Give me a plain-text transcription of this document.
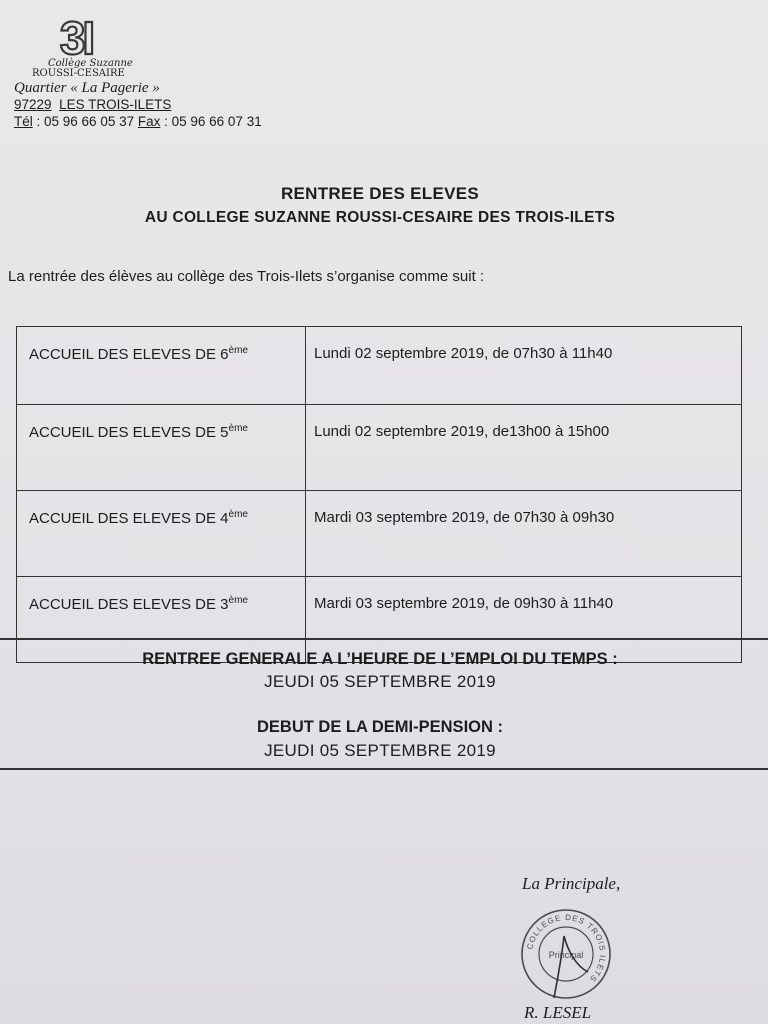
3I
Collège Suzanne
ROUSSI-CESAIRE
Quartier « La Pagerie »
97229 LES TROIS-ILETS
Tél : 05 96 66 05 37 Fax : 05 96 66 07 31
RENTREE DES ELEVES
AU COLLEGE SUZANNE ROUSSI-CESAIRE DES TROIS-ILETS
La rentrée des élèves au collège des Trois-Ilets s’organise comme suit :
ACCUEIL DES ELEVES DE 6ème	Lundi 02 septembre 2019, de 07h30 à 11h40
ACCUEIL DES ELEVES DE 5ème	Lundi 02 septembre 2019, de13h00 à 15h00
ACCUEIL DES ELEVES DE 4ème	Mardi 03 septembre 2019, de 07h30 à 09h30
ACCUEIL DES ELEVES DE 3ème	Mardi 03 septembre 2019, de 09h30 à 11h40
RENTREE GENERALE A L’HEURE DE L’EMPLOI DU TEMPS :
JEUDI 05 SEPTEMBRE 2019
DEBUT DE LA DEMI-PENSION :
JEUDI 05 SEPTEMBRE 2019
La Principale,
COLLEGE DES TROIS ILETS
Principal
R. LESEL
